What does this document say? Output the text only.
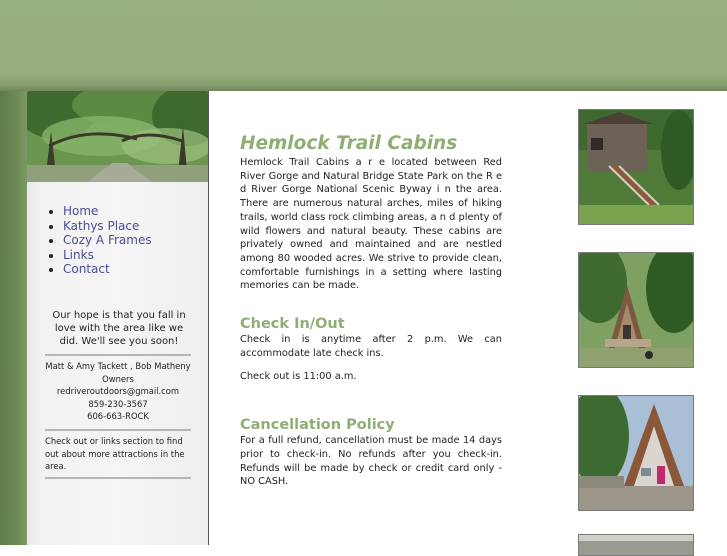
• Home
• Kathys Place
• Cozy A Frames
• Links
• Contact
Our hope is that you fall in love with the area like we did. We'll see you soon!
Matt & Amy Tackett , Bob Matheny Owners
redriveroutdoors@gmail.com
859-230-3567
606-663-ROCK
Check out or links section to find out about more attractions in the area.
Hemlock Trail Cabins

Hemlock Trail Cabins a r e located between Red River Gorge and Natural Bridge State Park on the R e d River Gorge National Scenic Byway i n the area. There are numerous natural arches, miles of hiking trails, world class rock climbing areas, a n d plenty of wild flowers and natural beauty. These cabins are privately owned and maintained and are nestled among 80 wooded acres. We strive to provide clean, comfortable furnishings in a setting where lasting memories can be made.

Check In/Out

Check in is anytime after 2 p.m. We can accommodate late check ins.

Check out is 11:00 a.m.

Cancellation Policy

For a full refund, cancellation must be made 14 days prior to check-in. No refunds after you check-in. Refunds will be made by check or credit card only - NO CASH.
